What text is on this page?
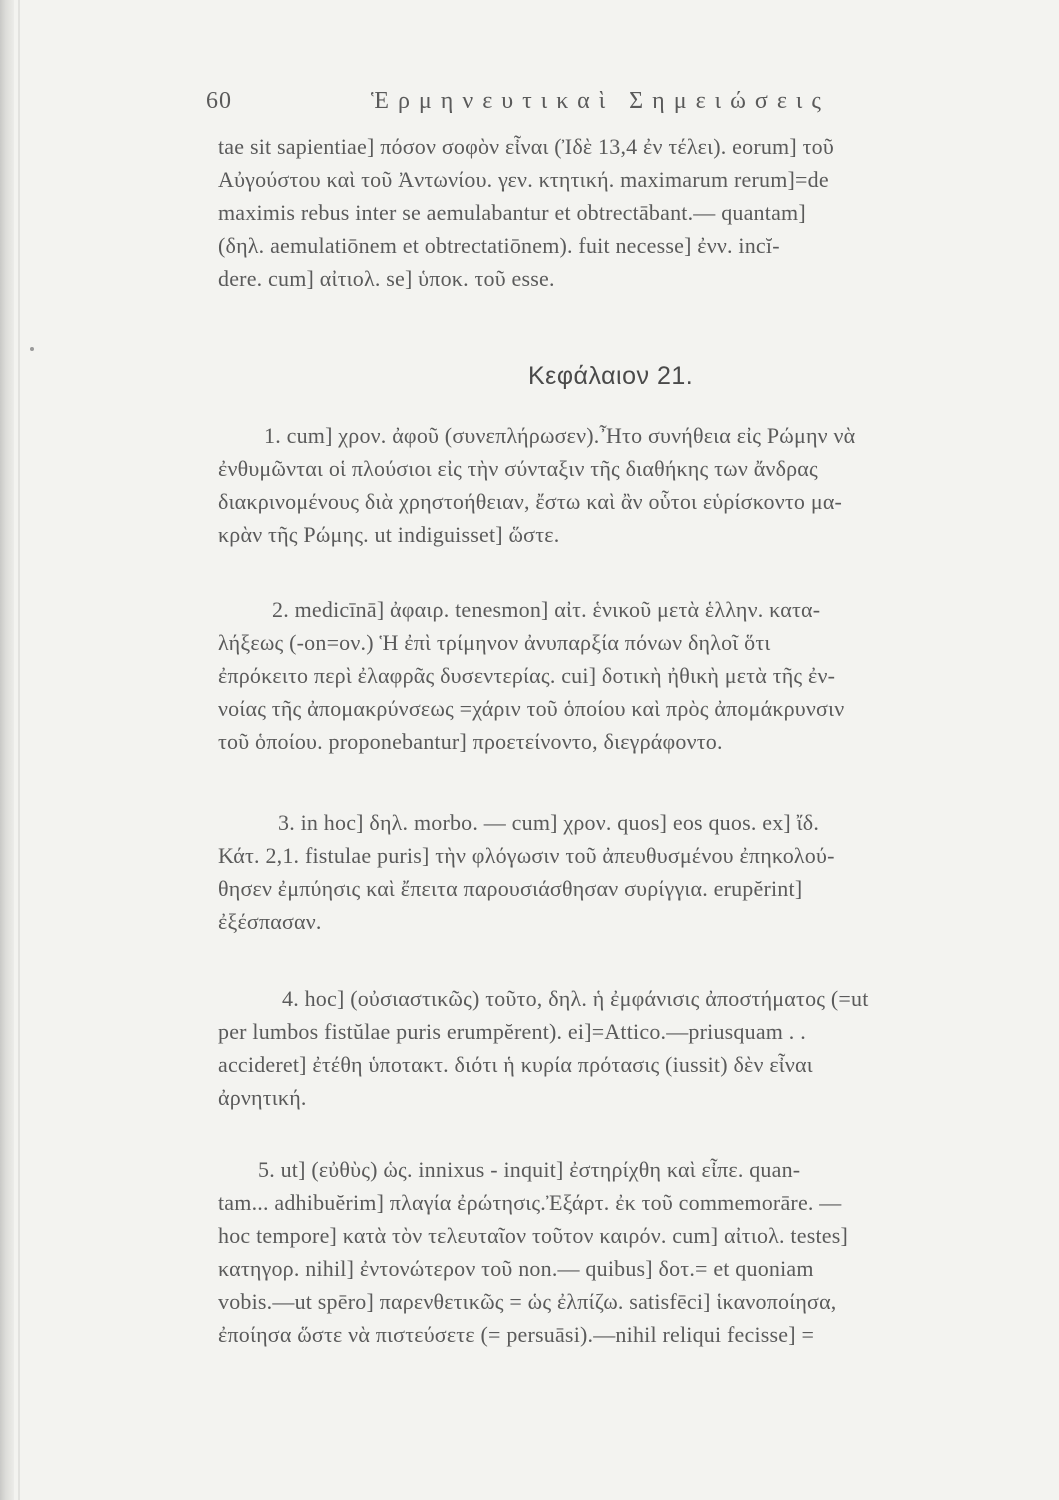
60	Ἑρμηνευτικαὶ Σημειώσεις
tae sit sapientiae] πόσον σοφὸν εἶναι (Ἰδὲ 13,4 ἐν τέλει). eorum] τοῦ
Αὐγούστου καὶ τοῦ Ἀντωνίου. γεν. κτητική. maximarum rerum]=de
maximis rebus inter se aemulabantur et obtrectābant.— quantam]
(δηλ. aemulatiōnem et obtrectatiōnem). fuit necesse] ἐνν. incĭ-
dere. cum] αἰτιολ. se] ὑποκ. τοῦ esse.
Κεφάλαιον 21.
1. cum] χρον. ἀφοῦ (συνεπλήρωσεν).Ἦτο συνήθεια εἰς Ρώμην νὰ
ἐνθυμῶνται οἱ πλούσιοι εἰς τὴν σύνταξιν τῆς διαθήκης των ἄνδρας
διακρινομένους διὰ χρηστοήθειαν, ἔστω καὶ ἂν οὗτοι εὑρίσκοντο μα-
κρὰν τῆς Ρώμης. ut indiguisset] ὥστε.
2. medicīnā] ἀφαιρ. tenesmon] αἰτ. ἑνικοῦ μετὰ ἑλλην. κατα-
λήξεως (-on=ον.) Ἡ ἐπὶ τρίμηνον ἀνυπαρξία πόνων δηλοῖ ὅτι
ἐπρόκειτο περὶ ἐλαφρᾶς δυσεντερίας. cui] δοτικὴ ἠθικὴ μετὰ τῆς ἐν-
νοίας τῆς ἀπομακρύνσεως =χάριν τοῦ ὁποίου καὶ πρὸς ἀπομάκρυνσιν
τοῦ ὁποίου. proponebantur] προετείνοντο, διεγράφοντο.
3. in hoc] δηλ. morbo. — cum] χρον. quos] eos quos. ex] ἴδ.
Κάτ. 2,1. fistulae puris] τὴν φλόγωσιν τοῦ ἀπευθυσμένου ἐπηκολού-
θησεν ἐμπύησις καὶ ἔπειτα παρουσιάσθησαν συρίγγια. erupĕrint]
ἐξέσπασαν.
4. hoc] (οὐσιαστικῶς) τοῦτο, δηλ. ἡ ἐμφάνισις ἀποστήματος (=ut
per lumbos fistŭlae puris erumpĕrent). ei]=Attico.—priusquam . .
accideret] ἐτέθη ὑποτακτ. διότι ἡ κυρία πρότασις (iussit) δὲν εἶναι
ἀρνητική.
5. ut] (εὐθὺς) ὡς. innixus - inquit] ἐστηρίχθη καὶ εἶπε. quan-
tam... adhibuĕrim] πλαγία ἐρώτησις.Ἐξάρτ. ἐκ τοῦ commemorāre. —
hoc tempore] κατὰ τὸν τελευταῖον τοῦτον καιρόν. cum] αἰτιολ. testes]
κατηγορ. nihil] ἐντονώτερον τοῦ non.— quibus] δοτ.= et quoniam
vobis.—ut spēro] παρενθετικῶς = ὡς ἐλπίζω. satisfēci] ἱκανοποίησα,
ἐποίησα ὥστε νὰ πιστεύσετε (= persuāsi).—nihil reliqui fecisse] =
